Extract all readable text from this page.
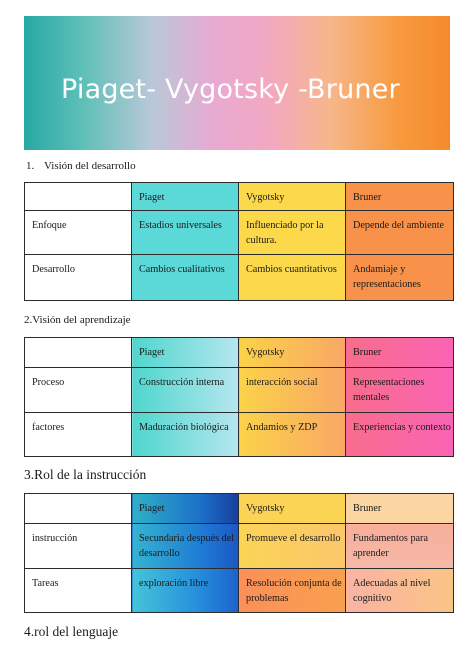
Piaget- Vygotsky -Bruner
1. Visión del desarrollo
	Piaget	Vygotsky	Bruner
Enfoque	Estadios universales	Influenciado por la cultura.	Depende del ambiente
Desarrollo	Cambios cualitativos	Cambios cuantitativos	Andamiaje y representaciones
2.Visión del aprendizaje
	Piaget	Vygotsky	Bruner
Proceso	Construcción interna	interacción social	Representaciones mentales
factores	Maduración biológica	Andamios y ZDP	Experiencias y contexto
3.Rol de la instrucción
	Piaget	Vygotsky	Bruner
instrucción	Secundaria después del desarrollo	Promueve el desarrollo	Fundamentos para aprender
Tareas	exploración libre	Resolución conjunta de problemas	Adecuadas al nivel cognitivo
4.rol del lenguaje
